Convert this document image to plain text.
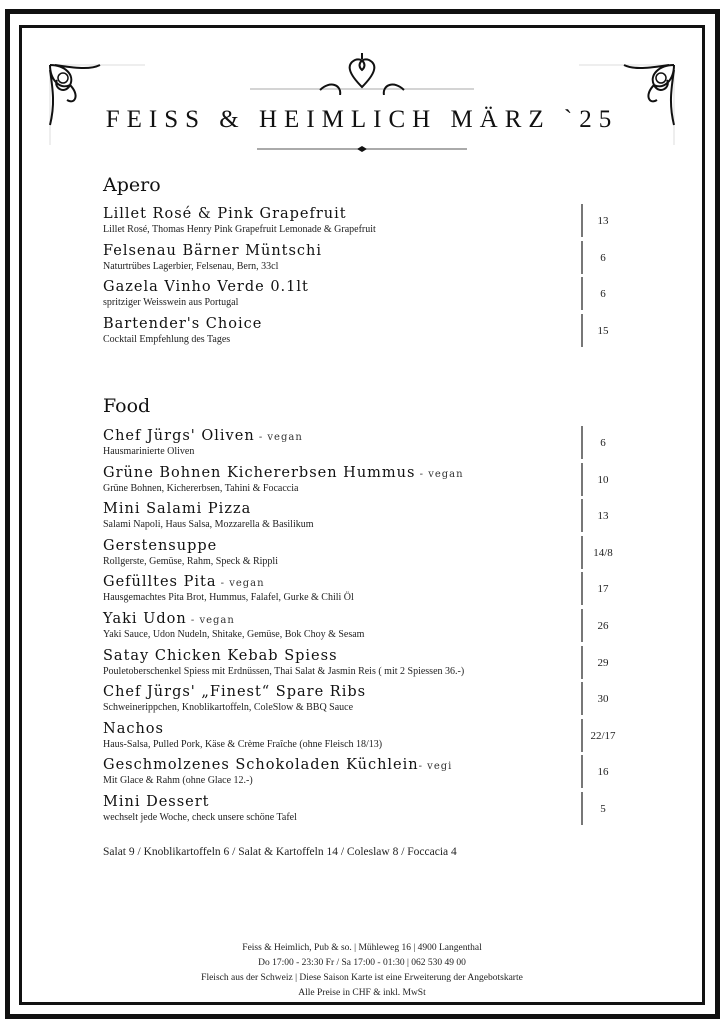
FEISS & HEIMLICH MÄRZ `25
Apero
Lillet Rosé & Pink Grapefruit
Lillet Rosé, Thomas Henry Pink Grapefruit Lemonade & Grapefruit
13
Felsenau Bärner Müntschi
Naturtrübes Lagerbier, Felsenau, Bern, 33cl
6
Gazela Vinho Verde 0.1lt
spritziger Weisswein aus Portugal
6
Bartender's Choice
Cocktail Empfehlung des Tages
15
Food
Chef Jürgs' Oliven - vegan
Hausmarinierte Oliven
6
Grüne Bohnen Kichererbsen Hummus - vegan
Grüne Bohnen, Kichererbsen, Tahini & Focaccia
10
Mini Salami Pizza
Salami Napoli, Haus Salsa, Mozzarella & Basilikum
13
Gerstensuppe
Rollgerste, Gemüse, Rahm, Speck & Rippli
14/8
Gefülltes Pita - vegan
Hausgemachtes Pita Brot, Hummus, Falafel, Gurke & Chili Öl
17
Yaki Udon - vegan
Yaki Sauce, Udon Nudeln, Shitake, Gemüse, Bok Choy & Sesam
26
Satay Chicken Kebab Spiess
Pouletoberschenkel Spiess mit Erdnüssen, Thai Salat & Jasmin Reis ( mit 2 Spiessen 36.-)
29
Chef Jürgs' „Finest“ Spare Ribs
Schweinerippchen, Knoblikartoffeln, ColeSlow & BBQ Sauce
30
Nachos
Haus-Salsa, Pulled Pork, Käse & Crème Fraîche (ohne Fleisch 18/13)
22/17
Geschmolzenes Schokoladen Küchlein- vegi
Mit Glace & Rahm (ohne Glace 12.-)
16
Mini Dessert
wechselt jede Woche, check unsere schöne Tafel
5
Salat 9 / Knoblikartoffeln 6 / Salat & Kartoffeln 14 / Coleslaw 8 / Foccacia 4
Feiss & Heimlich, Pub & so. | Mühleweg 16 | 4900 Langenthal
Do 17:00 - 23:30 Fr / Sa 17:00 - 01:30 | 062 530 49 00
Fleisch aus der Schweiz | Diese Saison Karte ist eine Erweiterung der Angebotskarte
Alle Preise in CHF & inkl. MwSt
